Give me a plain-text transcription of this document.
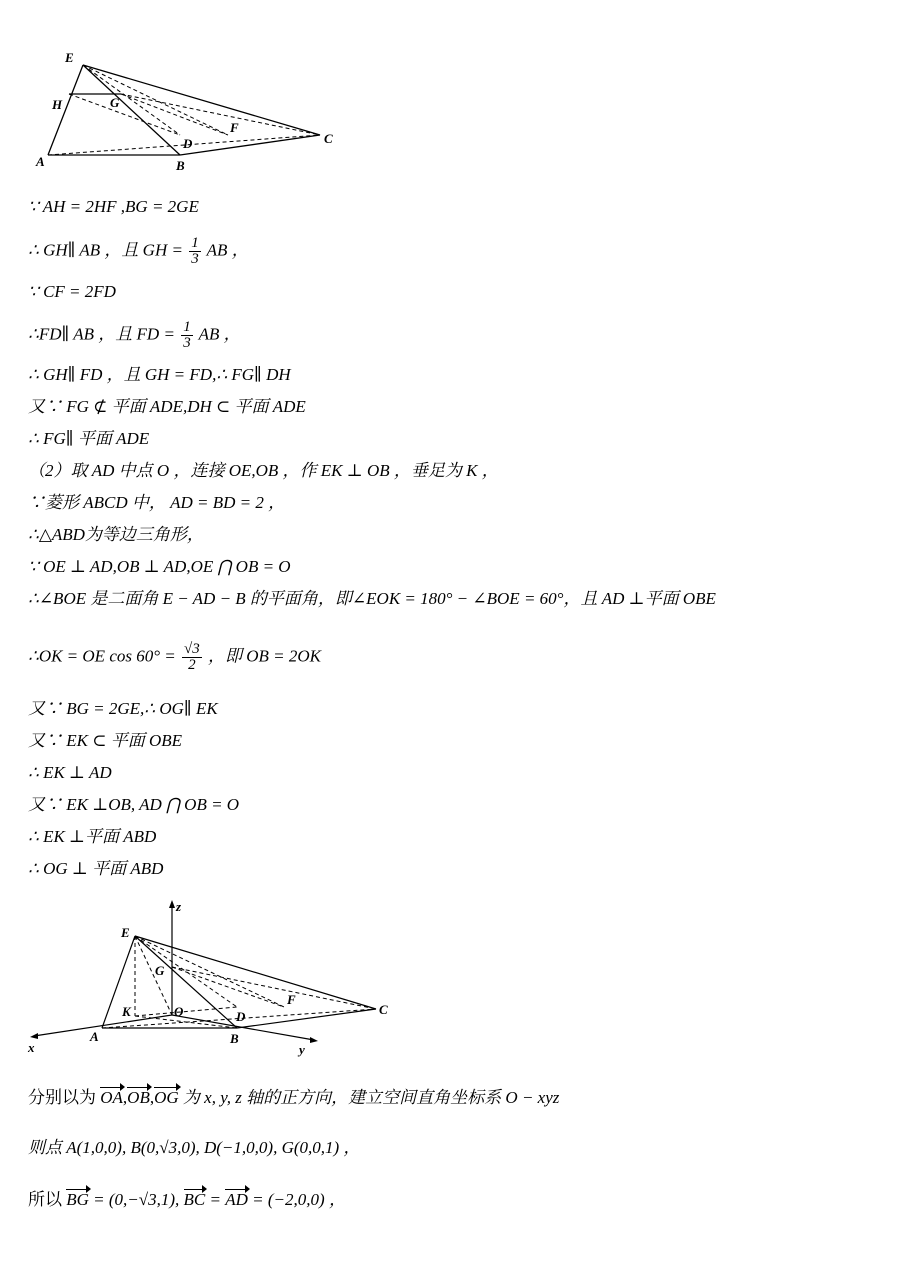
E
H	G
D
F
C
A	B
∵ AH = 2HF ,BG = 2GE
∴ GH∥ AB ，且 GH = $\frac{1}{3}$ AB ，
∵ CF = 2FD
∴FD∥ AB ，且 FD = $\frac{1}{3}$ AB ，
∴ GH∥ FD ，且 GH = FD,∴ FG∥ DH
又∵ FG ⊄ 平面 ADE,DH ⊂ 平面 ADE
∴ FG∥ 平面 ADE
（2）取 AD 中点 O ，连接 OE,OB ，作 EK ⊥ OB ，垂足为 K ，
∵菱形 ABCD 中， AD = BD = 2 ，
∴△ABD为等边三角形，
∵ OE ⊥ AD,OB ⊥ AD,OE ⋂ OB = O
∴∠BOE 是二面角 E − AD − B 的平面角，即∠EOK = 180° − ∠BOE = 60°，且 AD ⊥平面 OBE
∴OK = OE $\cos 60^\circ = \frac{√3}{2}$ ，即 OB = 2OK
又∵ BG = 2GE,∴ OG∥ EK
又∵ EK ⊂ 平面 OBE
∴ EK ⊥ AD
又∵ EK ⊥OB, AD ⋂ OB = O
∴ EK ⊥平面 ABD
∴ OG ⊥ 平面 ABD
z
E
G
F
K	O	D	C
A	B
x	y
分别以为 OA,OB,OG 为 x, y, z 轴的正方向，建立空间直角坐标系 O − xyz
则点 A(1,0,0), B(0,√3,0), D(−1,0,0), G(0,0,1) ，
所以 BG = (0,−√3,1), BC = AD = (−2,0,0) ，
